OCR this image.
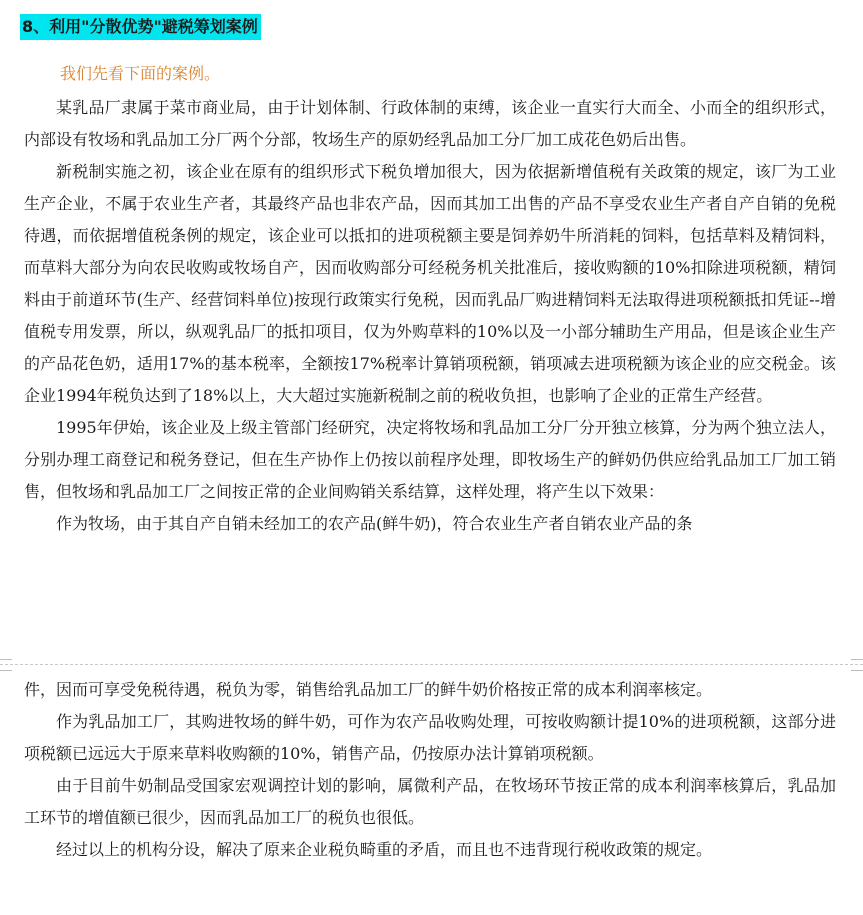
8、利用"分散优势"避税筹划案例
我们先看下面的案例。

某乳品厂隶属于菜市商业局，由于计划体制、行政体制的束缚，该企业一直实行大而全、小而全的组织形式，内部设有牧场和乳品加工分厂两个分部，牧场生产的原奶经乳品加工分厂加工成花色奶后出售。

新税制实施之初，该企业在原有的组织形式下税负增加很大，因为依据新增值税有关政策的规定，该厂为工业生产企业，不属于农业生产者，其最终产品也非农产品，因而其加工出售的产品不享受农业生产者自产自销的免税待遇，而依据增值税条例的规定，该企业可以抵扣的进项税额主要是饲养奶牛所消耗的饲料，包括草料及精饲料，而草料大部分为向农民收购或牧场自产，因而收购部分可经税务机关批准后，接收购额的10%扣除进项税额，精饲料由于前道环节(生产、经营饲料单位)按现行政策实行免税，因而乳品厂购进精饲料无法取得进项税额抵扣凭证--增值税专用发票，所以，纵观乳品厂的抵扣项目，仅为外购草料的10%以及一小部分辅助生产用品，但是该企业生产的产品花色奶，适用17%的基本税率，全额按17%税率计算销项税额，销项减去进项税额为该企业的应交税金。该企业1994年税负达到了18%以上，大大超过实施新税制之前的税收负担，也影响了企业的正常生产经营。

1995年伊始，该企业及上级主管部门经研究，决定将牧场和乳品加工分厂分开独立核算，分为两个独立法人，分别办理工商登记和税务登记，但在生产协作上仍按以前程序处理，即牧场生产的鲜奶仍供应给乳品加工厂加工销售，但牧场和乳品加工厂之间按正常的企业间购销关系结算，这样处理，将产生以下效果：

作为牧场，由于其自产自销未经加工的农产品(鲜牛奶)，符合农业生产者自销农业产品的条

件，因而可享受免税待遇，税负为零，销售给乳品加工厂的鲜牛奶价格按正常的成本利润率核定。

作为乳品加工厂，其购进牧场的鲜牛奶，可作为农产品收购处理，可按收购额计提10%的进项税额，这部分进项税额已远远大于原来草料收购额的10%，销售产品，仍按原办法计算销项税额。

由于目前牛奶制品受国家宏观调控计划的影响，属微利产品，在牧场环节按正常的成本利润率核算后，乳品加工环节的增值额已很少，因而乳品加工厂的税负也很低。

经过以上的机构分设，解决了原来企业税负畸重的矛盾，而且也不违背现行税收政策的规定。
